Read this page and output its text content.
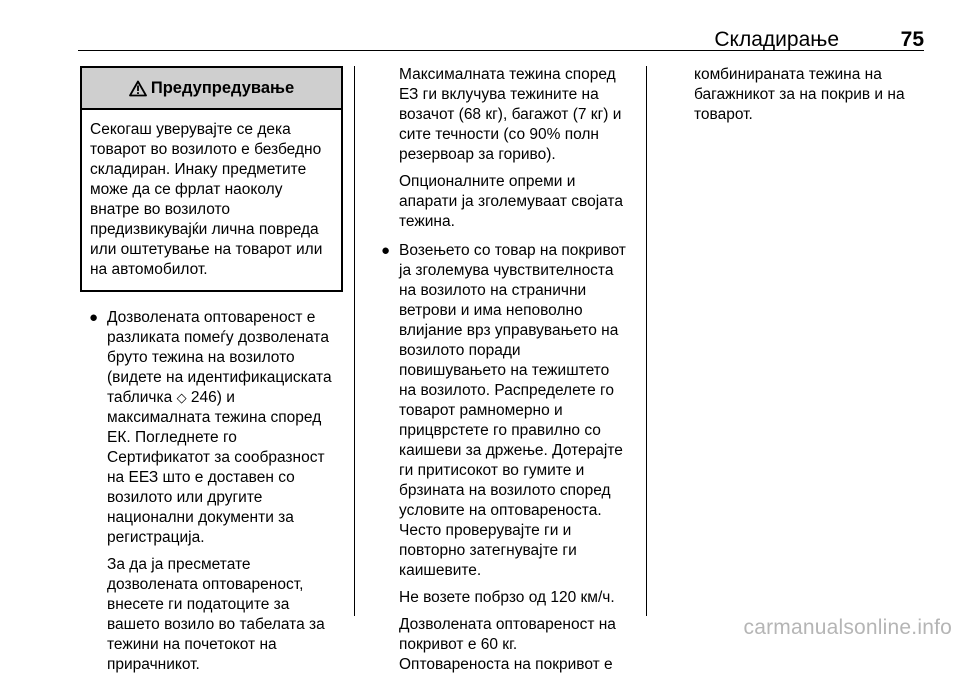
Складирање	75
Предупредување

Секогаш уверувајте се дека

товарот во возилото е безбедно

складиран. Инаку предметите

може да се фрлат наоколу

внатре во возилото

предизвикувајќи лична повреда

или оштетување на товарот или

на автомобилот.

● Дозволената оптовареност е

разликата помеѓу дозволената

бруто тежина на возилото

(видете на идентификациската

табличка ◇ 246) и

максималната тежина според

ЕК. Погледнете го

Сертификатот за сообразност

на ЕЕЗ што е доставен со

возилото или другите

национални документи за

регистрација.

За да ја пресметате

дозволената оптовареност,

внесете ги податоците за

вашето возило во табелата за

тежини на почетокот на

прирачникот.

Максималната тежина според

ЕЗ ги вклучува тежините на

возачот (68 кг), багажот (7 кг) и

сите течности (со 90% полн

резервоар за гориво).

Опционалните опреми и

апарати ја зголемуваат својата

тежина.

● Возењето со товар на покривот

ја зголемува чувствителноста

на возилото на странични

ветрови и има неповолно

влијание врз управувањето на

возилото поради

повишувањето на тежиштето

на возилото. Распределете го

товарот рамномерно и

прицврстете го правилно со

каишеви за држење. Дотерајте

ги притисокот во гумите и

брзината на возилото според

условите на оптовареноста.

Често проверувајте ги и

повторно затегнувајте ги

каишевите.

Не возете побрзо од 120 км/ч.

Дозволената оптовареност на

покривот е 60 кг.

Оптовареноста на покривот е

комбинираната тежина на

багажникот за на покрив и на

товарот.

carmanualsonline.info
